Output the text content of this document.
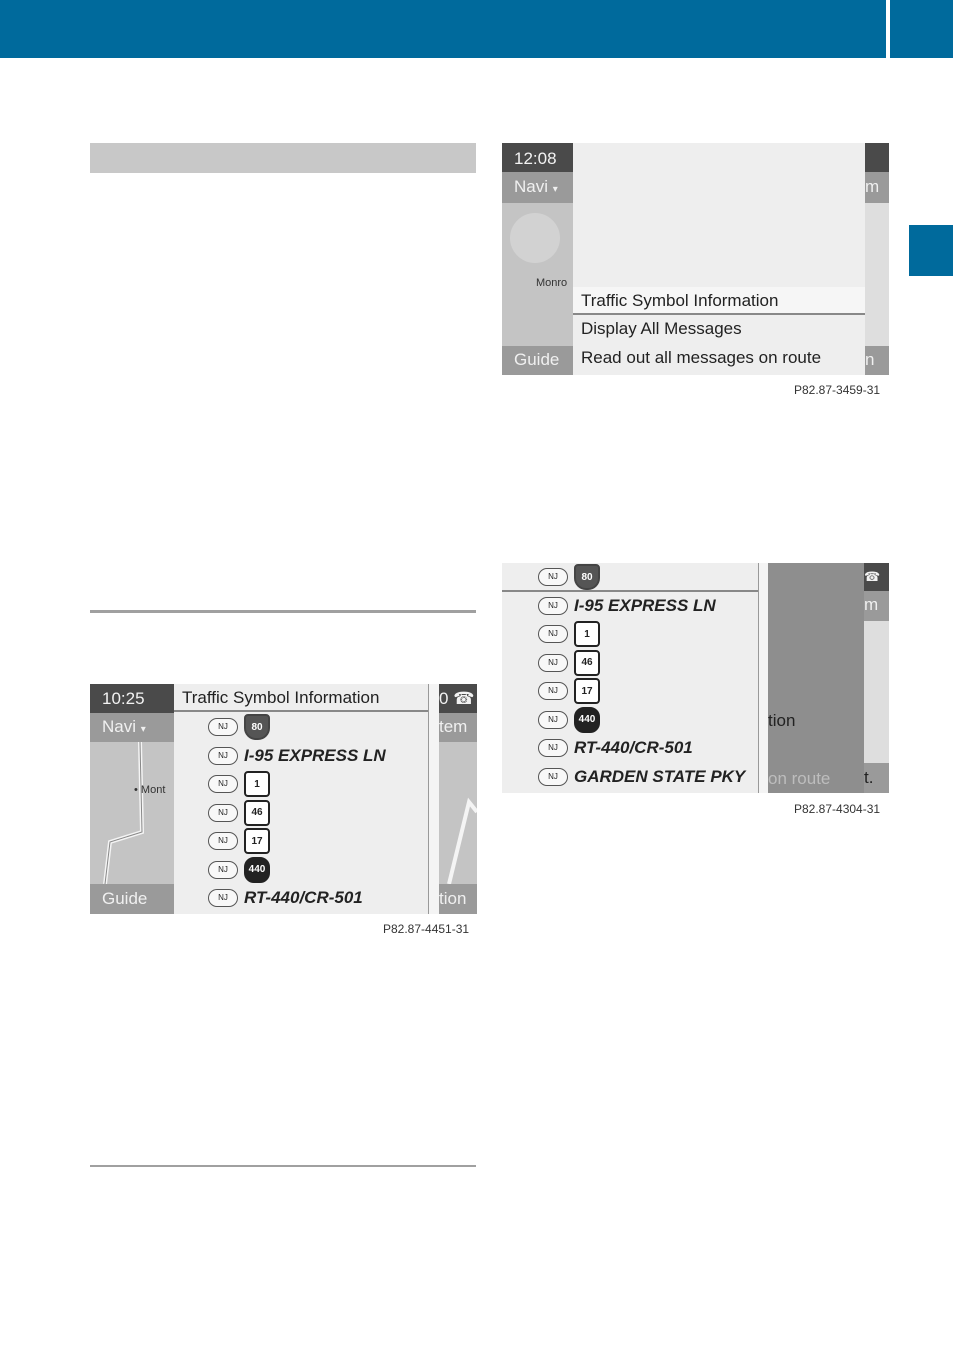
12:08
Navi ▾
Monro
Guide
Traffic Symbol Information
Display All Messages
Read out all messages on route
m
n
P82.87-3459-31
10:25
Navi ▾
• Mont
Guide
Traffic Symbol Information
NJ	80
NJ I-95 EXPRESS LN
NJ	1
NJ	46
NJ	17
NJ	440
NJ RT-440/CR-501
0 ☎
tem
tion
P82.87-4451-31
NJ	80
NJ I-95 EXPRESS LN
NJ	1
NJ	46
NJ	17
NJ	440
NJ RT-440/CR-501
NJ GARDEN STATE PKY
☎
m
tion
on route t.
P82.87-4304-31
